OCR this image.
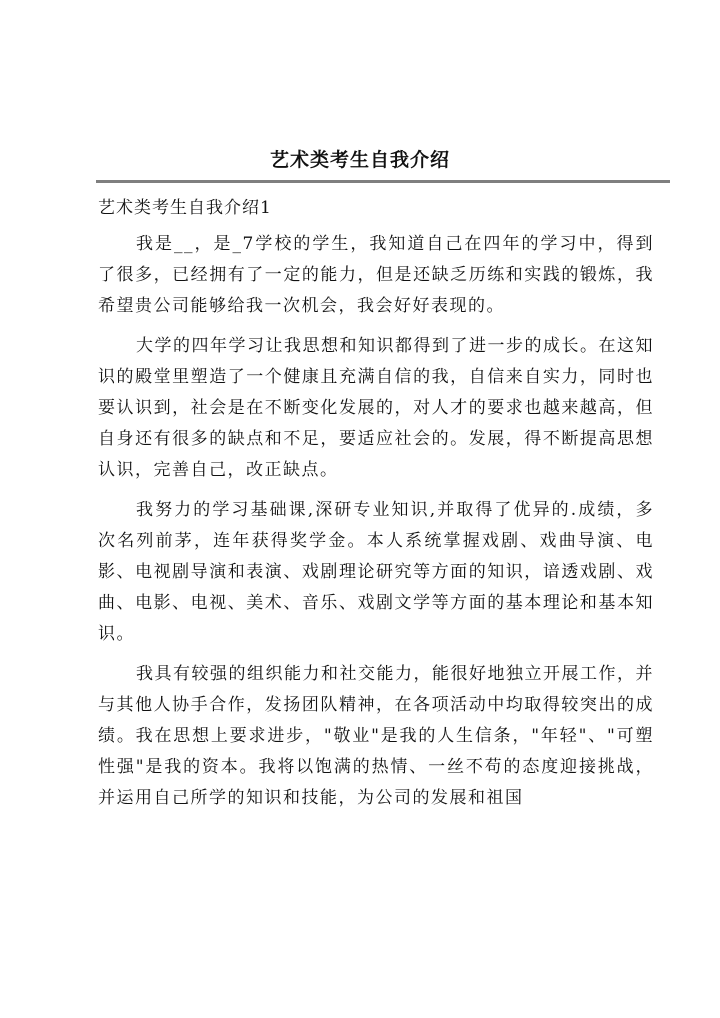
艺术类考生自我介绍
艺术类考生自我介绍1

我是__，是_7学校的学生，我知道自己在四年的学习中，得到了很多，已经拥有了一定的能力，但是还缺乏历练和实践的锻炼，我希望贵公司能够给我一次机会，我会好好表现的。

大学的四年学习让我思想和知识都得到了进一步的成长。在这知识的殿堂里塑造了一个健康且充满自信的我，自信来自实力，同时也要认识到，社会是在不断变化发展的，对人才的要求也越来越高，但自身还有很多的缺点和不足，要适应社会的。发展，得不断提高思想认识，完善自己，改正缺点。

我努力的学习基础课,深研专业知识,并取得了优异的.成绩，多次名列前茅，连年获得奖学金。本人系统掌握戏剧、戏曲导演、电影、电视剧导演和表演、戏剧理论研究等方面的知识，谙透戏剧、戏曲、电影、电视、美术、音乐、戏剧文学等方面的基本理论和基本知识。

我具有较强的组织能力和社交能力，能很好地独立开展工作，并与其他人协手合作，发扬团队精神，在各项活动中均取得较突出的成绩。我在思想上要求进步，"敬业"是我的人生信条，"年轻"、"可塑性强"是我的资本。我将以饱满的热情、一丝不苟的态度迎接挑战，并运用自己所学的知识和技能，为公司的发展和祖国
